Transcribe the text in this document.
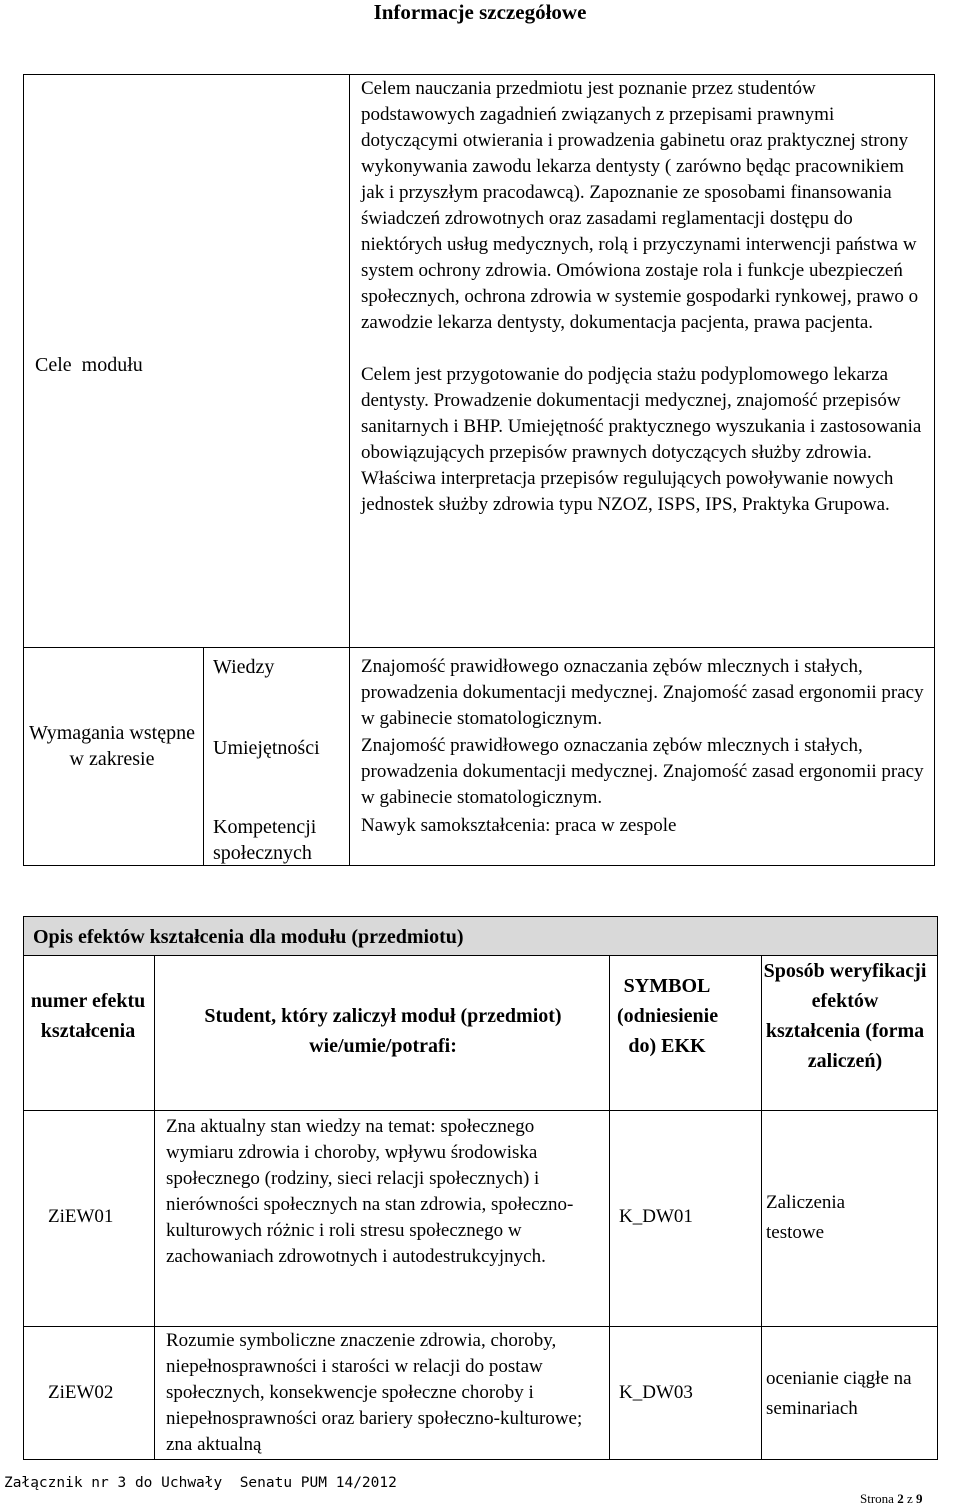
Informacje szczegółowe
Cele  modułu

Celem nauczania przedmiotu jest poznanie przez studentów podstawowych zagadnień związanych z przepisami prawnymi dotyczącymi otwierania i prowadzenia gabinetu oraz praktycznej strony wykonywania zawodu lekarza dentysty ( zarówno będąc pracownikiem jak i przyszłym pracodawcą). Zapoznanie ze sposobami finansowania świadczeń zdrowotnych oraz zasadami reglamentacji dostępu do niektórych usług medycznych, rolą i przyczynami interwencji państwa w system ochrony zdrowia. Omówiona zostaje rola i funkcje ubezpieczeń społecznych, ochrona zdrowia w systemie gospodarki rynkowej, prawo o zawodzie lekarza dentysty, dokumentacja pacjenta, prawa pacjenta.

Celem jest przygotowanie do podjęcia stażu podyplomowego lekarza dentysty. Prowadzenie dokumentacji medycznej, znajomość przepisów sanitarnych i BHP. Umiejętność praktycznego wyszukania i zastosowania obowiązujących przepisów prawnych dotyczących służby zdrowia. Właściwa interpretacja przepisów regulujących powoływanie nowych jednostek służby zdrowia typu NZOZ, ISPS, IPS, Praktyka Grupowa.

Wymagania wstępne w zakresie
Wiedzy
Umiejętności
Kompetencji społecznych
Znajomość prawidłowego oznaczania zębów mlecznych i stałych, prowadzenia dokumentacji medycznej. Znajomość zasad ergonomii pracy w gabinecie stomatologicznym.
Znajomość prawidłowego oznaczania zębów mlecznych i stałych, prowadzenia dokumentacji medycznej. Znajomość zasad ergonomii pracy w gabinecie stomatologicznym.
Nawyk samokształcenia: praca w zespole
Opis efektów kształcenia dla modułu (przedmiotu)
numer efektu kształcenia
Student, który zaliczył moduł (przedmiot) wie/umie/potrafi:
SYMBOL (odniesienie do) EKK
Sposób weryfikacji efektów kształcenia (forma zaliczeń)
ZiEW01
Zna aktualny stan wiedzy na temat: społecznego wymiaru zdrowia i choroby, wpływu środowiska społecznego (rodziny, sieci relacji społecznych) i nierówności społecznych na stan zdrowia, społeczno-kulturowych różnic i roli stresu społecznego w zachowaniach zdrowotnych i autodestrukcyjnych.
K_DW01
Zaliczenia testowe
ZiEW02
Rozumie symboliczne znaczenie zdrowia, choroby, niepełnosprawności i starości w relacji do postaw społecznych, konsekwencje społeczne choroby i niepełnosprawności oraz bariery społeczno-kulturowe; zna aktualną
K_DW03
ocenianie ciągłe na seminariach
Załącznik nr 3 do Uchwały  Senatu PUM 14/2012
Strona 2 z 9
